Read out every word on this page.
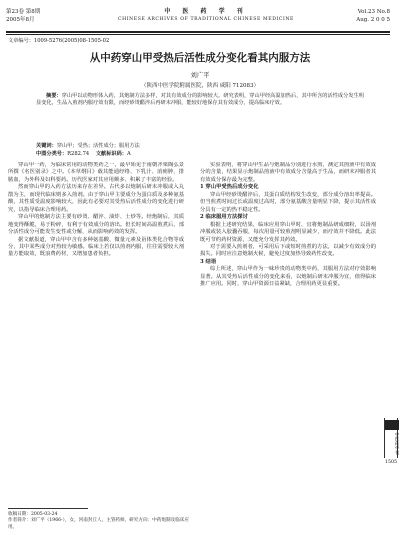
第23卷 第8期
2005年8月
中 医 药 学 刊
CHINESE ARCHIVES OF TRADITIONAL CHINESE MEDICINE
Vol.23 No.8
Aug. 2 0 0 5
文章编号：1009-5276(2005)08-1505-02
从中药穿山甲受热后活性成分变化看其内服方法
刘广平
（陕西中医学院附属医院，陕西 咸阳 712083）
摘要：穿山甲以动物形体入药，其炮制方法多样，对其有效成分的影响较大。研究表明，穿山甲经高温加热后，其中所含的活性成分发生明显变化，生品入煎剂内服疗效有限，而经砂烫醋淬后再研末冲服，能较好地保存其有效成分，提高临床疗效。
关键词：穿山甲；受热；活性成分；服用方法
中图分类号：R282.74 文献标识码：A

穿山甲一药，为临床常用的动物类药之一，最早始见于南朝齐梁陶弘景所撰《名医别录》之中。《本草纲目》载其能通经络、下乳汁、消痈肿、排脓血，为外科及妇科要药。历代医家对其应用颇多，积累了丰富的经验。

然而穿山甲的入药方法历来存在差异。古代多以炮制后研末冲服或入丸散为主，而现代临床则多入煎剂。由于穿山甲主要成分为蛋白质及多种氨基酸，其性质受温度影响较大，因此有必要对其受热后活性成分的变化进行研究，以指导临床合理用药。

穿山甲的炮制方法主要有砂烫、醋淬、油炸、土炒等。经炮制后，其质地变得酥脆，易于粉碎，有利于有效成分的溶出。但长时间高温煎煮后，部分活性成分可能发生变性或分解，从而影响药效的发挥。

据文献报道，穿山甲中含有多种氨基酸、微量元素及甾体类化合物等成分，其中某些成分对热较为敏感。临床上若仅以煎剂内服，往往需要较大剂量方能取效，既浪费药材，又增加患者负担。

实验表明，将穿山甲生品与炮制品分别进行水煎，测定其煎液中有效成分的含量，结果显示炮制品煎液中有效成分含量高于生品，而研末冲服者其有效成分保存最为完整。

1 穿山甲受热后成分变化

穿山甲经砂烫醋淬后，其蛋白质结构发生改变，部分成分溶出率提高。但当煎煮时间过长或温度过高时，部分氨基酸含量明显下降，提示其活性成分具有一定的热不稳定性。

2 临床服用方法探讨

根据上述研究结果，临床应用穿山甲时，宜将炮制品研成细粉，以汤剂冲服或装入胶囊吞服，每次用量可较煎剂明显减少，而疗效并不降低。此法既可节约药材资源，又能充分发挥其药效。

对于需要入煎剂者，可采用后下或短时煎煮的方法，以减少有效成分的损失。同时应注意炮制火候，避免过度加热导致药性改变。

3 结语

综上所述，穿山甲作为一味珍贵的动物类中药，其服用方法对疗效影响显著。从其受热后活性成分的变化来看，以炮制后研末冲服为宜，值得临床推广应用。同时，穿山甲资源日益紧缺，合理用药更显重要。

收稿日期：2005-03-24
作者简介：刘广平（1966-），女，河南封丘人，主管药师，研究方向：中药炮制及临床应用。
中医药学刊
1505
